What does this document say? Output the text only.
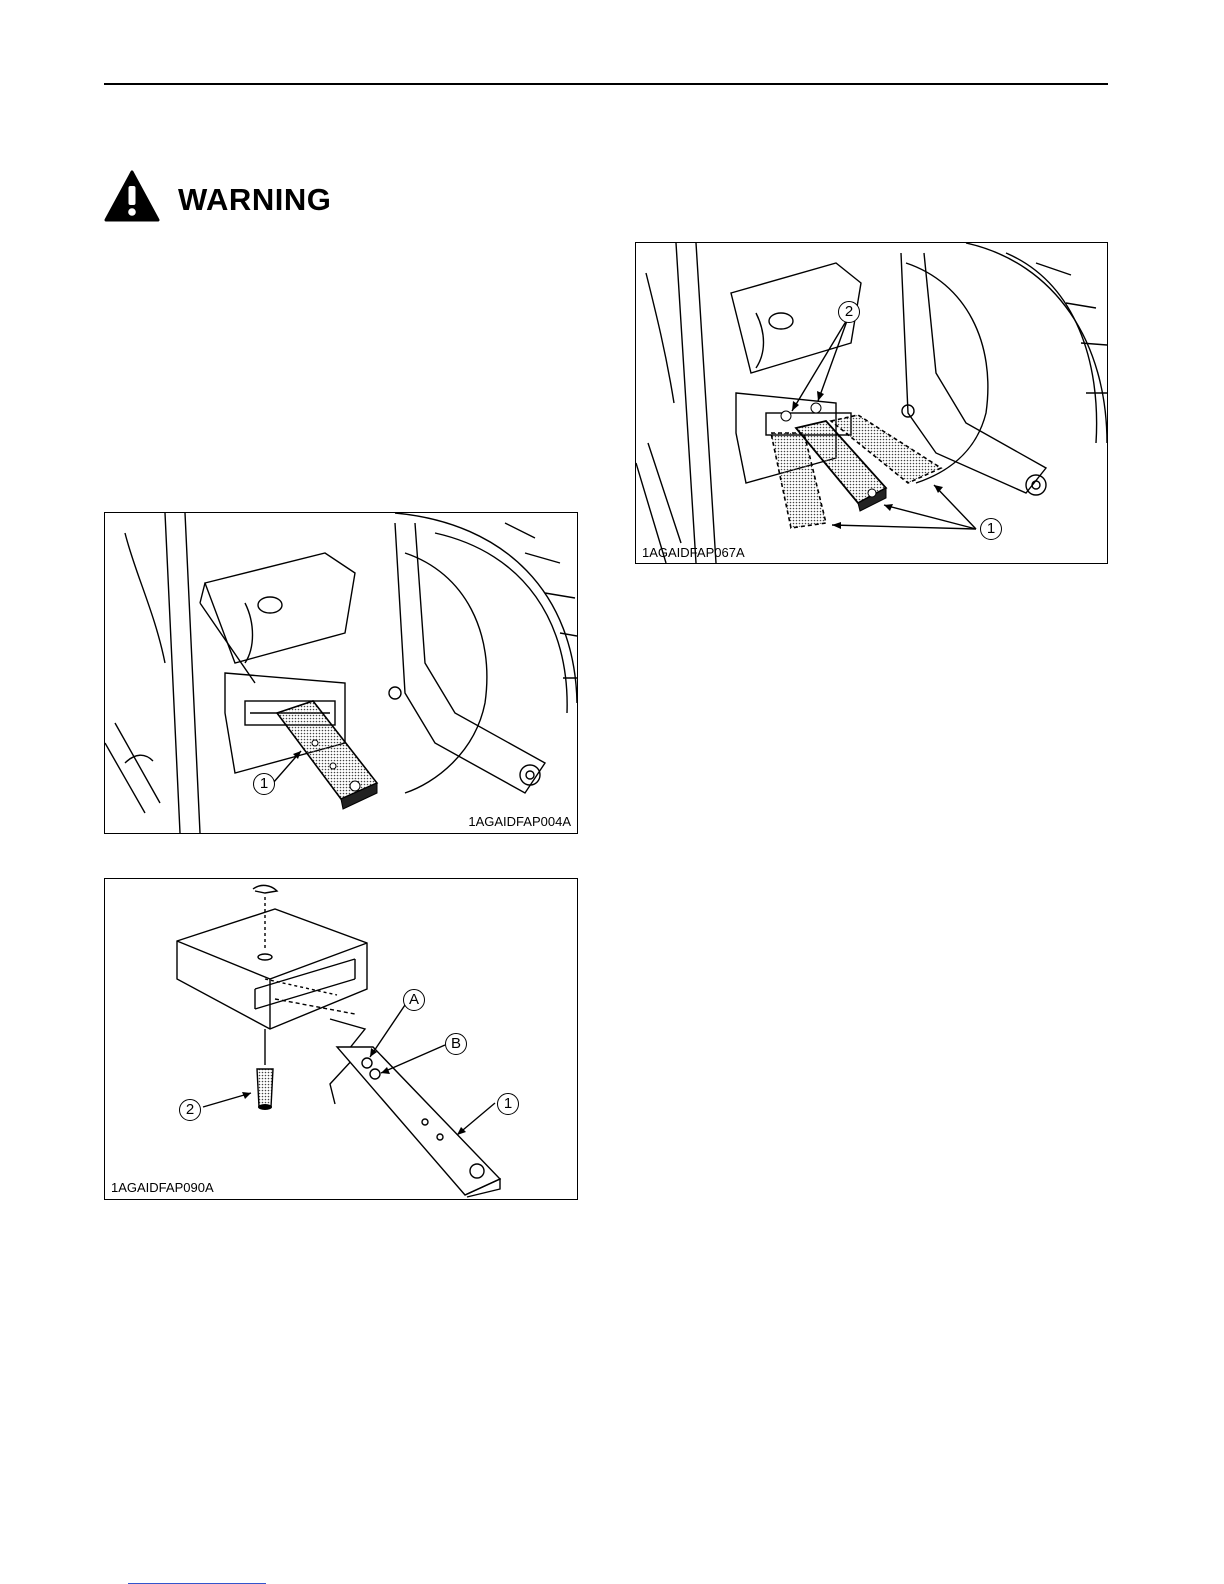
WARNING
1
1AGAIDFAP004A
2
A
B
1
1AGAIDFAP090A
2
1
1AGAIDFAP067A
